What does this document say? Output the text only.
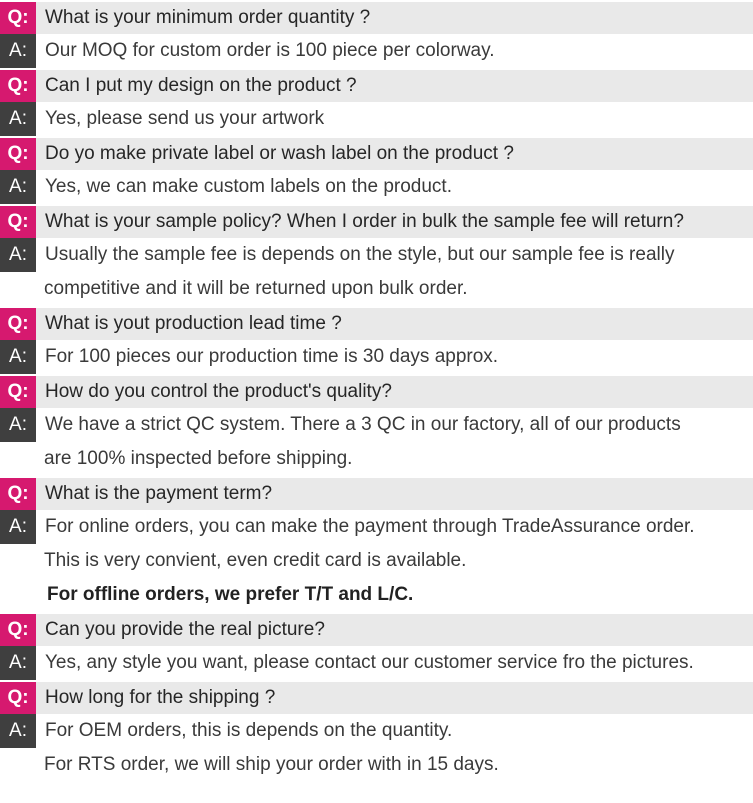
Q: What is your minimum order quantity ?
A: Our MOQ for custom order is 100 piece per colorway.
Q: Can I put my design on the product ?
A: Yes, please send us your artwork
Q: Do yo make private label or wash label on the product ?
A: Yes, we can make custom labels on the product.
Q: What is your sample policy? When I order in bulk the sample fee will return?
A: Usually the sample fee is depends on the style, but our sample fee is really
competitive and it will be returned upon bulk order.
Q: What is yout production lead time ?
A: For 100 pieces our production time is 30 days approx.
Q: How do you control the product's quality?
A: We have a strict QC system. There a 3 QC in our factory, all of our products
are 100% inspected before shipping.
Q: What is the payment term?
A: For online orders, you can make the payment through TradeAssurance order.
This is very convient, even credit card is available.
For offline orders, we prefer T/T and L/C.
Q: Can you provide the real picture?
A: Yes, any style you want, please contact our customer service fro the pictures.
Q: How long for the shipping ?
A: For OEM orders, this is depends on the quantity.
For RTS order, we will ship your order with in 15 days.
